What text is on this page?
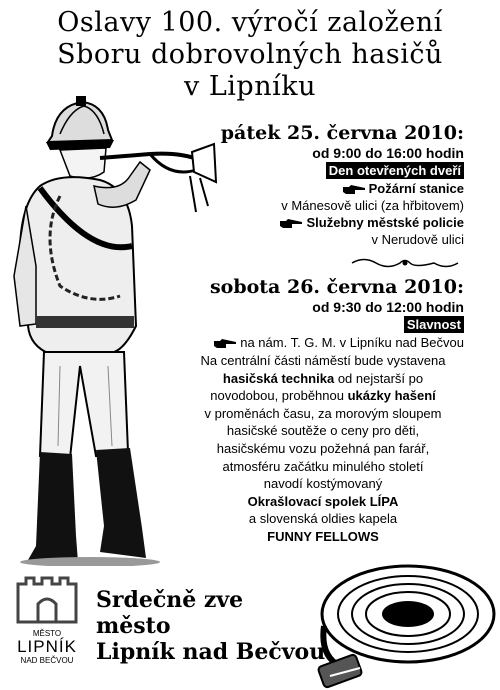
Oslavy 100. výročí založení
Sboru dobrovolných hasičů
v Lipníku
pátek 25. června 2010:
od 9:00 do 16:00 hodin
Den otevřených dveří
Požární stanice
v Mánesově ulici (za hřbitovem)
Služebny městské policie
v Nerudově ulici
sobota 26. června 2010:
od 9:30 do 12:00 hodin
Slavnost
na nám. T. G. M. v Lipníku nad Bečvou
Na centrální části náměstí bude vystavena
hasičská technika od nejstarší po
novodobou, proběhnou ukázky hašení
v proměnách času, za morovým sloupem
hasičské soutěže o ceny pro děti,
hasičskému vozu požehná pan farář,
atmosféru začátku minulého století
navodí kostýmovaný
Okrašlovací spolek LÍPA
a slovenská oldies kapela
FUNNY FELLOWS
MĚSTO
LIPNÍK
NAD BEČVOU
Srdečně zve
město
Lipník nad Bečvou
